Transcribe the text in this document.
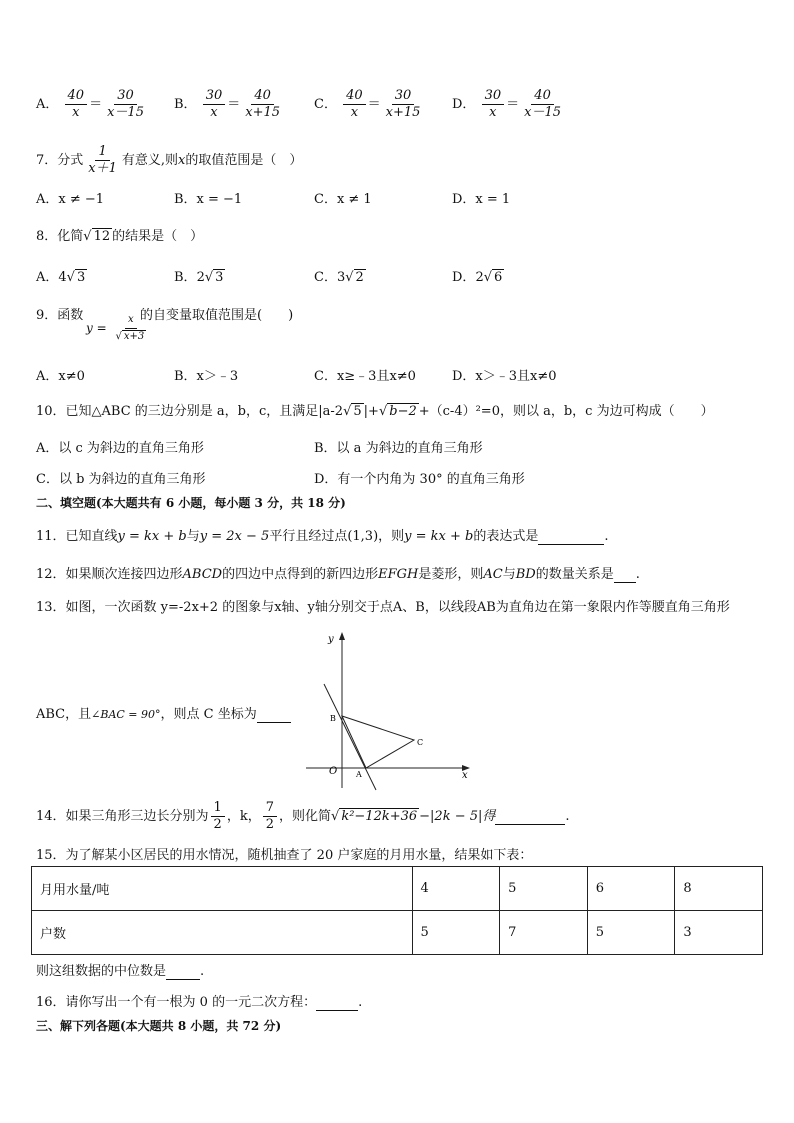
A． $\frac{40}{x} = \frac{30}{x-15}$ B． $\frac{30}{x} = \frac{40}{x+15}$ C． $\frac{40}{x} = \frac{30}{x+15}$ D． $\frac{30}{x} = \frac{40}{x-15}$
7．分式 $\frac{1}{x+1}$ 有意义,则x的取值范围是（　）
A．x ≠ −1	B．x = −1	C．x ≠ 1	D．x = 1
8．化简√ 12 的结果是（　）
A．4√ 3	B．2√ 3	C．3√ 2	D．2√ 6
9．函数
$y = \frac{x}{√ x+3}$
的自变量取值范围是(　　)
A．x≠0	B．x＞﹣3	C．x≥﹣3且x≠0	D．x＞﹣3且x≠0
10．已知△ABC 的三边分别是 a，b，c，且满足|a-2√ 5 |+√ b−2 +（c-4）²=0，则以 a，b，c 为边可构成（　　）
A．以 c 为斜边的直角三角形	B．以 a 为斜边的直角三角形
C．以 b 为斜边的直角三角形	D．有一个内角为 30° 的直角三角形
二、填空题(本大题共有 6 小题，每小题 3 分，共 18 分)
11．已知直线y = kx + b与y = 2x − 5平行且经过点(1,3)，则y = kx + b的表达式是	.
12．如果顺次连接四边形ABCD的四边中点得到的新四边形EFGH是菱形，则AC与BD的数量关系是 .
13．如图，一次函数 y=-2x+2 的图象与x轴、y轴分别交于点A、B，以线段AB为直角边在第一象限内作等腰直角三角形
ABC，且∠BAC = 90°，则点 C 坐标为
y
x
O A
B
C
14．如果三角形三边长分别为 $\frac{1}{2}$ ，k， $\frac{7}{2}$ ，则化简√ k²−12k+36 −|2k − 5|得	.
15．为了解某小区居民的用水情况，随机抽查了 20 户家庭的月用水量，结果如下表：
月用水量/吨	4	5	6	8
户数	5	7	5	3
则这组数据的中位数是	.
16．请你写出一个有一根为 0 的一元二次方程：	.
三、解下列各题(本大题共 8 小题，共 72 分)
